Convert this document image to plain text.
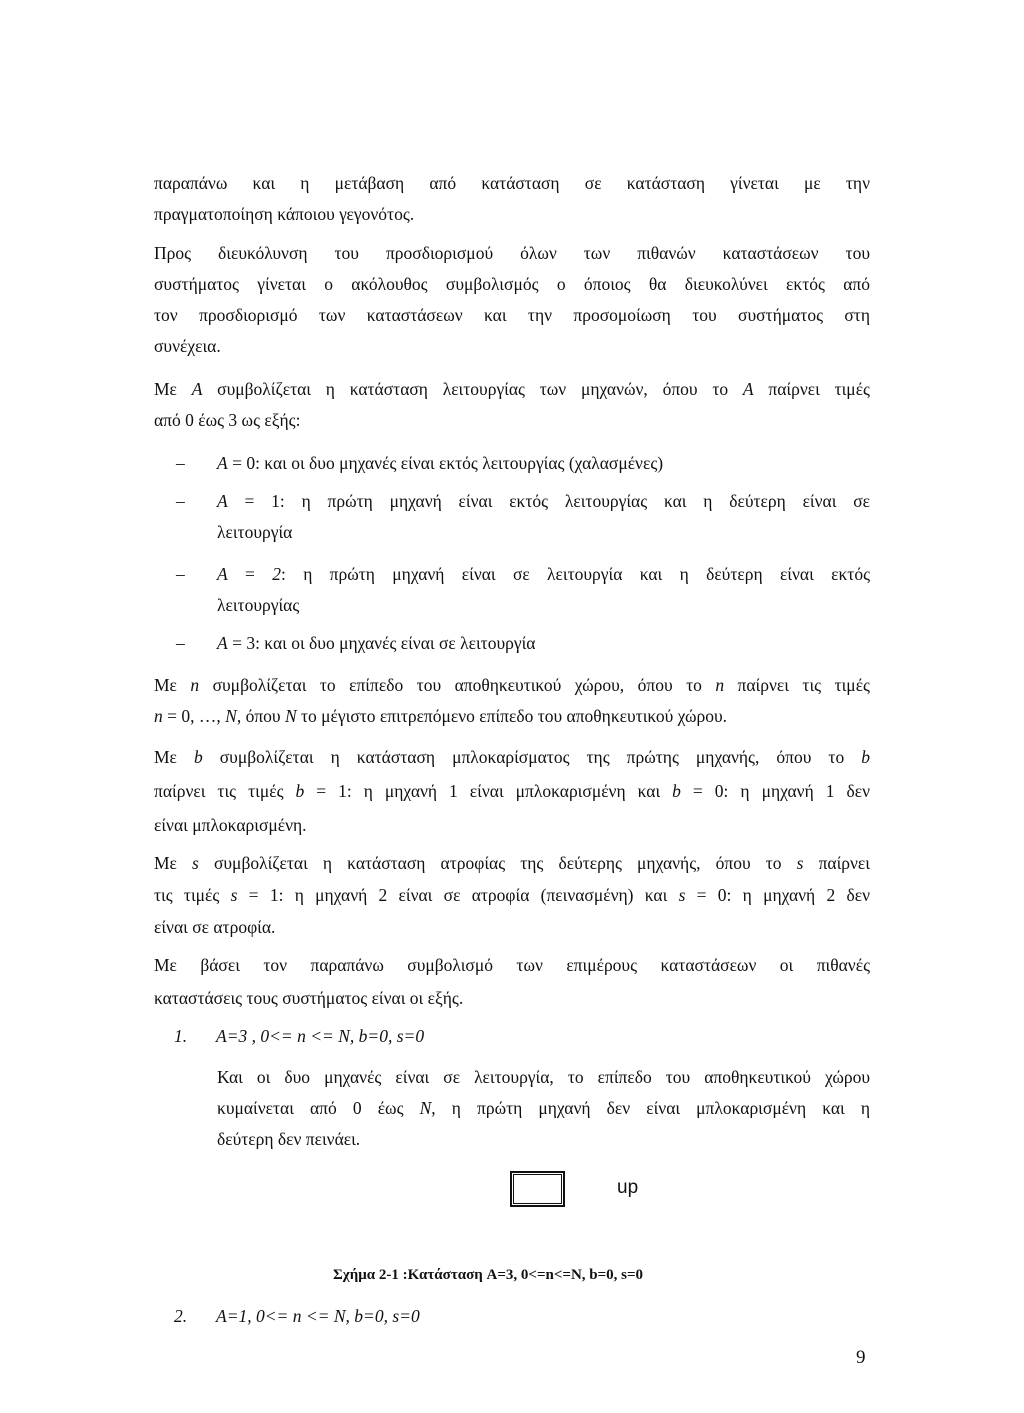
παραπάνω και η μετάβαση από κατάσταση σε κατάσταση γίνεται με την
πραγματοποίηση κάποιου γεγονότος.
Προς διευκόλυνση του προσδιορισμού όλων των πιθανών καταστάσεων του
συστήματος γίνεται ο ακόλουθος συμβολισμός ο όποιος θα διευκολύνει εκτός από
τον προσδιορισμό των καταστάσεων και την προσομοίωση του συστήματος στη
συνέχεια.
Με A συμβολίζεται η κατάσταση λειτουργίας των μηχανών, όπου το A παίρνει τιμές
από 0 έως 3 ως εξής:
– A = 0: και οι δυο μηχανές είναι εκτός λειτουργίας (χαλασμένες)
– A = 1: η πρώτη μηχανή είναι εκτός λειτουργίας και η δεύτερη είναι σε
λειτουργία
– A = 2: η πρώτη μηχανή είναι σε λειτουργία και η δεύτερη είναι εκτός
λειτουργίας
– A = 3: και οι δυο μηχανές είναι σε λειτουργία
Με n συμβολίζεται το επίπεδο του αποθηκευτικού χώρου, όπου το n παίρνει τις τιμές
n = 0, …, N, όπου N το μέγιστο επιτρεπόμενο επίπεδο του αποθηκευτικού χώρου.
Με b συμβολίζεται η κατάσταση μπλοκαρίσματος της πρώτης μηχανής, όπου το b
παίρνει τις τιμές b = 1: η μηχανή 1 είναι μπλοκαρισμένη και b = 0: η μηχανή 1 δεν
είναι μπλοκαρισμένη.
Με s συμβολίζεται η κατάσταση ατροφίας της δεύτερης μηχανής, όπου το s παίρνει
τις τιμές s = 1: η μηχανή 2 είναι σε ατροφία (πεινασμένη) και s = 0: η μηχανή 2 δεν
είναι σε ατροφία.
Με βάσει τον παραπάνω συμβολισμό των επιμέρους καταστάσεων οι πιθανές
καταστάσεις τους συστήματος είναι οι εξής.
1. A=3 , 0<= n <= N, b=0, s=0
Και οι δυο μηχανές είναι σε λειτουργία, το επίπεδο του αποθηκευτικού χώρου
κυμαίνεται από 0 έως N, η πρώτη μηχανή δεν είναι μπλοκαρισμένη και η
δεύτερη δεν πεινάει.
up
Σχήμα 2-1 :Κατάσταση A=3, 0<=n<=N, b=0, s=0
2. A=1, 0<= n <= N, b=0, s=0
9
